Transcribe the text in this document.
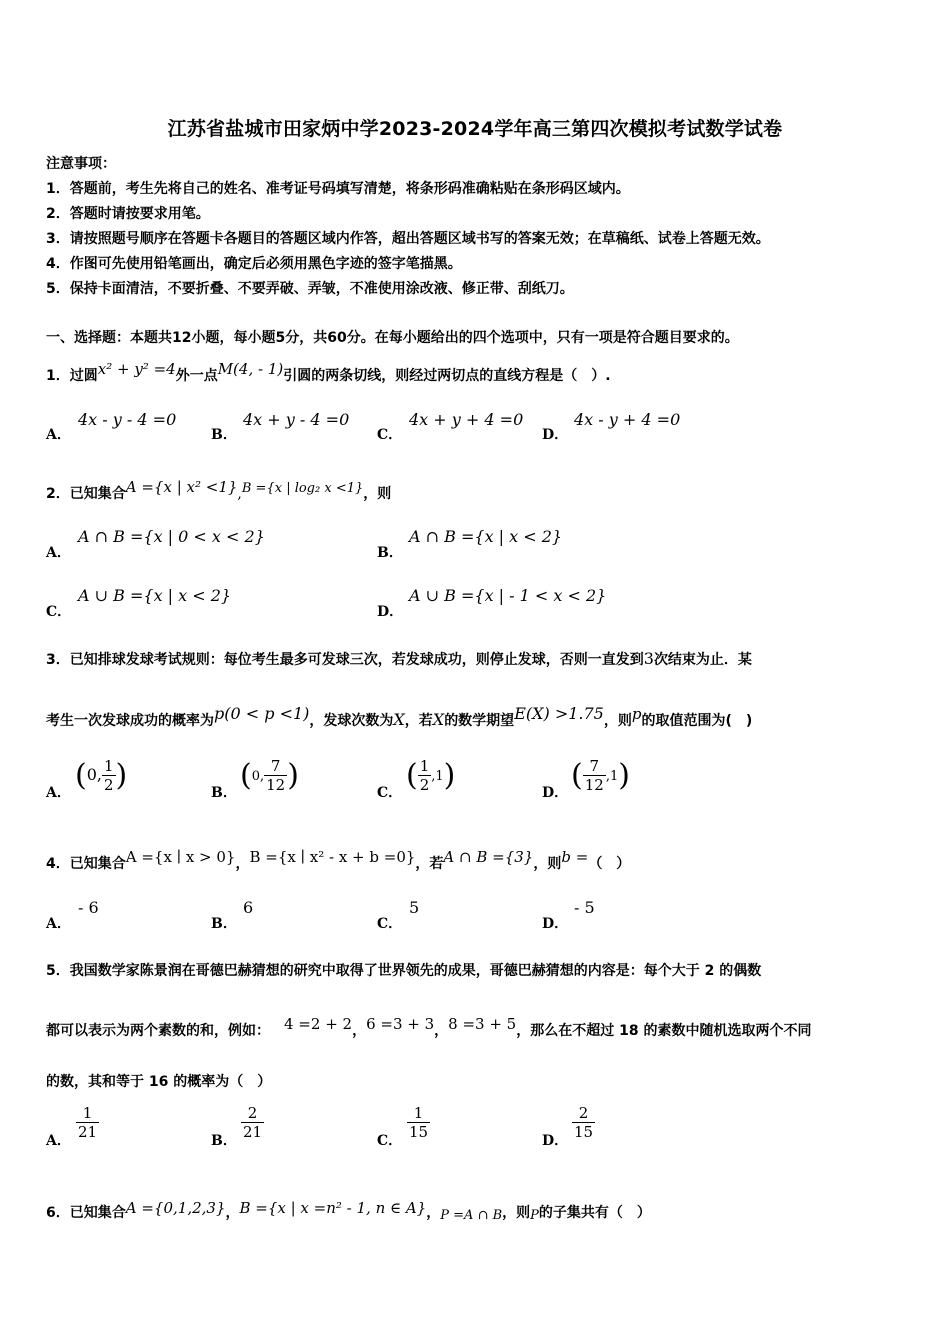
江苏省盐城市田家炳中学2023-2024学年高三第四次模拟考试数学试卷
注意事项：
1．答题前，考生先将自己的姓名、准考证号码填写清楚，将条形码准确粘贴在条形码区域内。
2．答题时请按要求用笔。
3．请按照题号顺序在答题卡各题目的答题区域内作答，超出答题区域书写的答案无效；在草稿纸、试卷上答题无效。
4．作图可先使用铅笔画出，确定后必须用黑色字迹的签字笔描黑。
5．保持卡面清洁，不要折叠、不要弄破、弄皱，不准使用涂改液、修正带、刮纸刀。
一、选择题：本题共12小题，每小题5分，共60分。在每小题给出的四个选项中，只有一项是符合题目要求的。
1．过圆x² + y² =4外一点M(4, - 1)引圆的两条切线，则经过两切点的直线方程是（　）.
A．
4x - y - 4 =0
B．
4x + y - 4 =0
C．
4x + y + 4 =0
D．
4x - y + 4 =0
2．已知集合A ={x | x² <1},B ={x | log₂ x <1}，则
A．
A ∩ B ={x | 0 < x < 2}
B．
A ∩ B ={x | x < 2}
C．
A ∪ B ={x | x < 2}
D．
A ∪ B ={x | - 1 < x < 2}
3．已知排球发球考试规则：每位考生最多可发球三次，若发球成功，则停止发球，否则一直发到3次结束为止．某
考生一次发球成功的概率为p(0 < p <1)，发球次数为X，若X的数学期望E(X) >1.75，则p的取值范围为(　)
A． (0, $\frac{1}{2}$ )	B． (0, $\frac{7}{12}$ )	C． ( $\frac{1}{2} ,1$)	D． ( $\frac{7}{12} ,1$)
4．已知集合A ={x ∣ x > 0}，B ={x ∣ x² - x + b =0}，若A ∩ B ={3}，则b =（　）
A．
- 6
B．
6
C．
5
D．
- 5
5．我国数学家陈景润在哥德巴赫猜想的研究中取得了世界领先的成果，哥德巴赫猜想的内容是：每个大于 2 的偶数
都可以表示为两个素数的和，例如： 4 =2 + 2，6 =3 + 3，8 =3 + 5，那么在不超过 18 的素数中随机选取两个不同
的数，其和等于 16 的概率为（　）
A． $\frac{1}{21}$	B． $\frac{2}{21}$	C． $\frac{1}{15}$	D． $\frac{2}{15}$
6．已知集合A ={0,1,2,3}，B ={x | x =n² - 1, n ∈ A}，P =A ∩ B，则P的子集共有（　）
